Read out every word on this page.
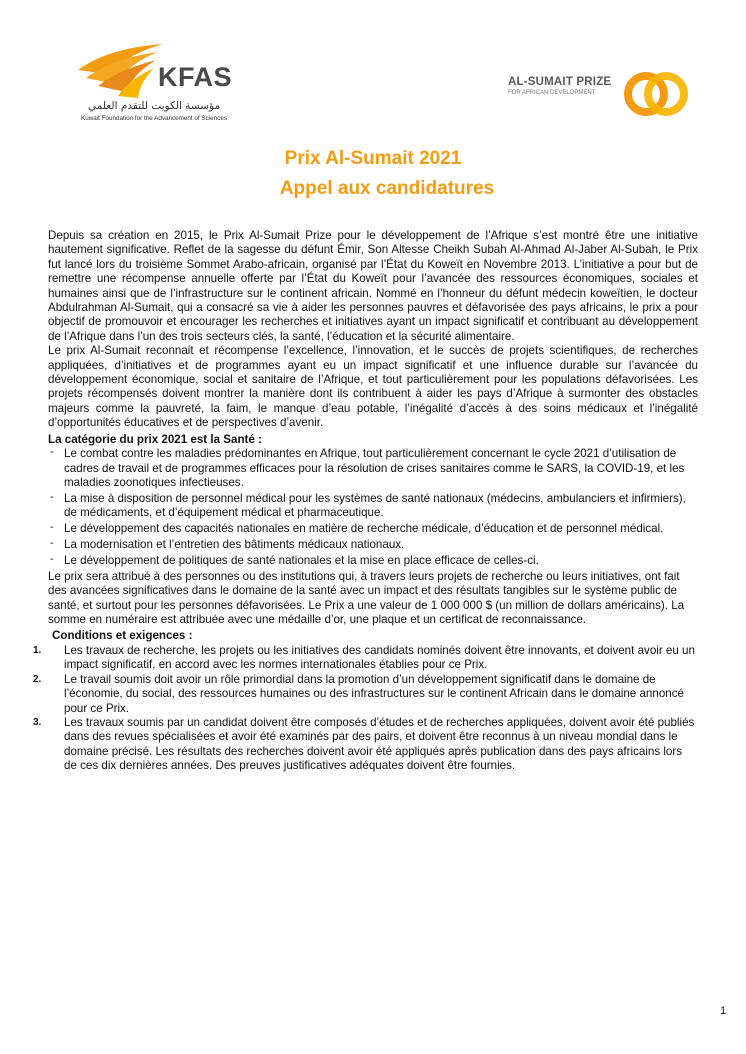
KFAS
مؤسسة الكويت للتقدم العلمي
Kuwait Foundation for the Advancement of Sciences
AL-SUMAIT PRIZE
FOR AFRICAN DEVELOPMENT
Prix Al-Sumait 2021
Appel aux candidatures

Depuis sa création en 2015, le Prix Al-Sumait Prize pour le développement de l’Afrique s’est montré être une initiative hautement significative. Reflet de la sagesse du défunt Émir, Son Altesse Cheikh Subah Al-Ahmad Al-Jaber Al-Subah, le Prix fut lancé lors du troisième Sommet Arabo-africain, organisé par l’État du Koweït en Novembre 2013. L’initiative a pour but de remettre une récompense annuelle offerte par l’État du Koweït pour l’avancée des ressources économiques, sociales et humaines ainsi que de l’infrastructure sur le continent africain. Nommé en l’honneur du défunt médecin koweïtien, le docteur Abdulrahman Al-Sumait, qui a consacré sa vie à aider les personnes pauvres et défavorisée des pays africains, le prix a pour objectif de promouvoir et encourager les recherches et initiatives ayant un impact significatif et contribuant au développement de l’Afrique dans l’un des trois secteurs clés, la santé, l’éducation et la sécurité alimentaire.

Le prix Al-Sumait reconnait et récompense l’excellence, l’innovation, et le succès de projets scientifiques, de recherches appliquées, d’initiatives et de programmes ayant eu un impact significatif et une influence durable sur l’avancée du développement économique, social et sanitaire de l’Afrique, et tout particulièrement pour les populations défavorisées. Les projets récompensés doivent montrer la manière dont ils contribuent à aider les pays d’Afrique à surmonter des obstacles majeurs comme la pauvreté, la faim, le manque d’eau potable, l’inégalité d’accès à des soins médicaux et l’inégalité d’opportunités éducatives et de perspectives d’avenir.

La catégorie du prix 2021 est la Santé :

- Le combat contre les maladies prédominantes en Afrique, tout particulièrement concernant le cycle 2021 d’utilisation de cadres de travail et de programmes efficaces pour la résolution de crises sanitaires comme le SARS, la COVID-19, et les maladies zoonotiques infectieuses.
- La mise à disposition de personnel médical pour les systèmes de santé nationaux (médecins, ambulanciers et infirmiers), de médicaments, et d’équipement médical et pharmaceutique.
- Le développement des capacités nationales en matière de recherche médicale, d’éducation et de personnel médical.
- La modernisation et l’entretien des bâtiments médicaux nationaux.
- Le développement de politiques de santé nationales et la mise en place efficace de celles-ci.

Le prix sera attribué à des personnes ou des institutions qui, à travers leurs projets de recherche ou leurs initiatives, ont fait des avancées significatives dans le domaine de la santé avec un impact et des résultats tangibles sur le système public de santé, et surtout pour les personnes défavorisées. Le Prix a une valeur de 1 000 000 $ (un million de dollars américains). La somme en numéraire est attribuée avec une médaille d’or, une plaque et un certificat de reconnaissance.

Conditions et exigences :

1. Les travaux de recherche, les projets ou les initiatives des candidats nominés doivent être innovants, et doivent avoir eu un impact significatif, en accord avec les normes internationales établies pour ce Prix.
2. Le travail soumis doit avoir un rôle primordial dans la promotion d’un développement significatif dans le domaine de l’économie, du social, des ressources humaines ou des infrastructures sur le continent Africain dans le domaine annoncé pour ce Prix.
3. Les travaux soumis par un candidat doivent être composés d’études et de recherches appliquées, doivent avoir été publiés dans des revues spécialisées et avoir été examinés par des pairs, et doivent être reconnus à un niveau mondial dans le domaine précisé. Les résultats des recherches doivent avoir été appliqués après publication dans des pays africains lors de ces dix dernières années. Des preuves justificatives adéquates doivent être fournies.
1
